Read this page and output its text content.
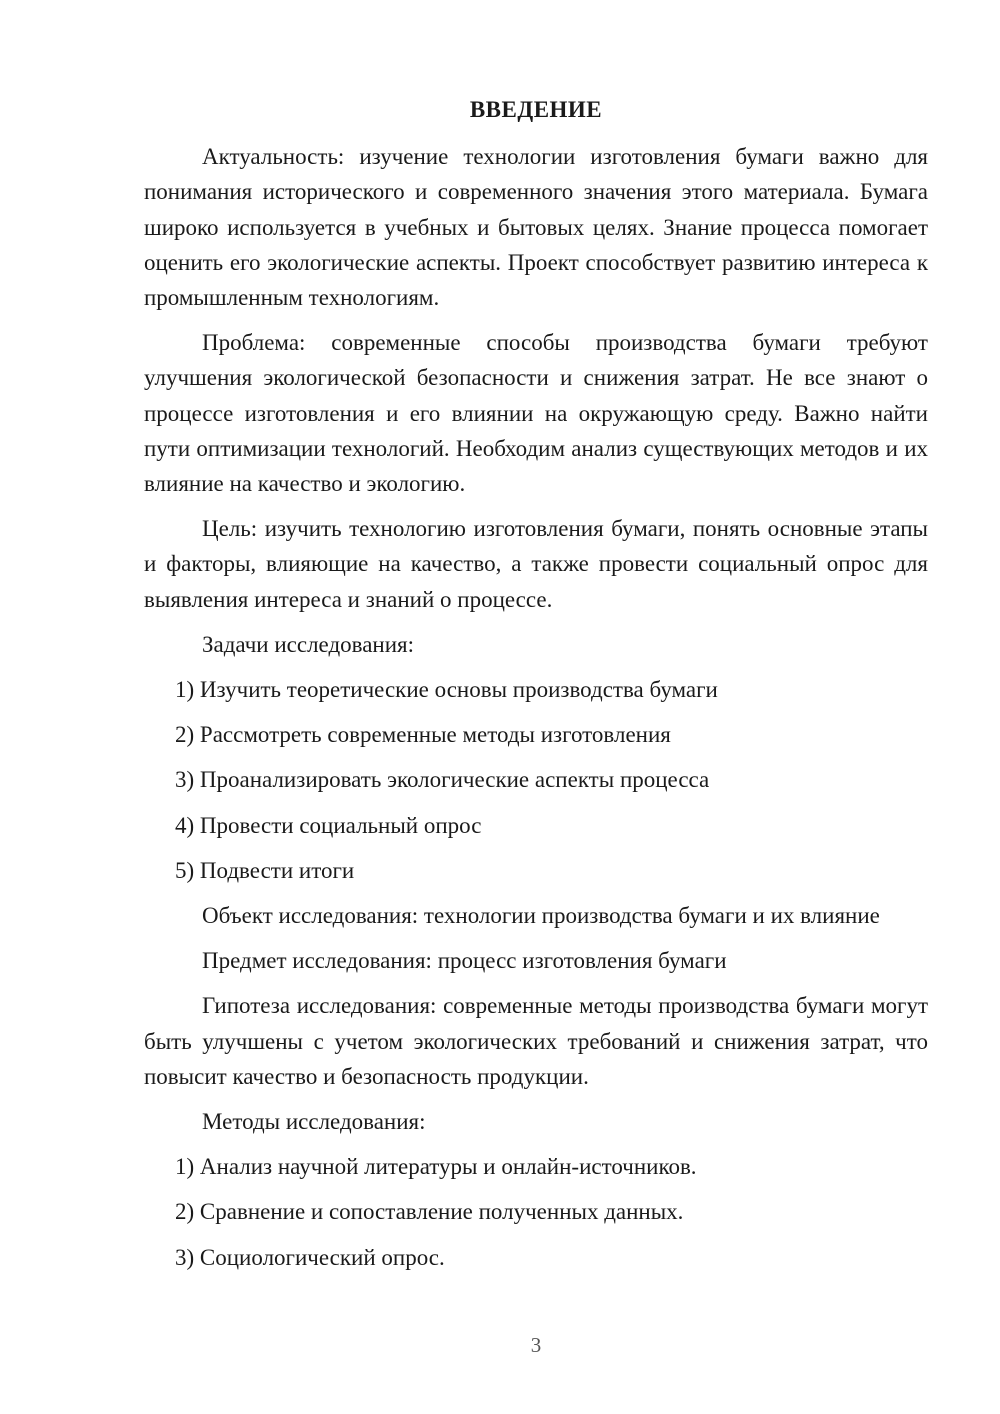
ВВЕДЕНИЕ

Актуальность: изучение технологии изготовления бумаги важно для понимания исторического и современного значения этого материала. Бумага широко используется в учебных и бытовых целях. Знание процесса помогает оценить его экологические аспекты. Проект способствует развитию интереса к промышленным технологиям.

Проблема: современные способы производства бумаги требуют улучшения экологической безопасности и снижения затрат. Не все знают о процессе изготовления и его влиянии на окружающую среду. Важно найти пути оптимизации технологий. Необходим анализ существующих методов и их влияние на качество и экологию.

Цель: изучить технологию изготовления бумаги, понять основные этапы и факторы, влияющие на качество, а также провести социальный опрос для выявления интереса и знаний о процессе.

Задачи исследования:

1) Изучить теоретические основы производства бумаги
2) Рассмотреть современные методы изготовления
3) Проанализировать экологические аспекты процесса
4) Провести социальный опрос
5) Подвести итоги

Объект исследования: технологии производства бумаги и их влияние

Предмет исследования: процесс изготовления бумаги

Гипотеза исследования: современные методы производства бумаги могут быть улучшены с учетом экологических требований и снижения затрат, что повысит качество и безопасность продукции.

Методы исследования:

1) Анализ научной литературы и онлайн-источников.
2) Сравнение и сопоставление полученных данных.
3) Социологический опрос.
3
